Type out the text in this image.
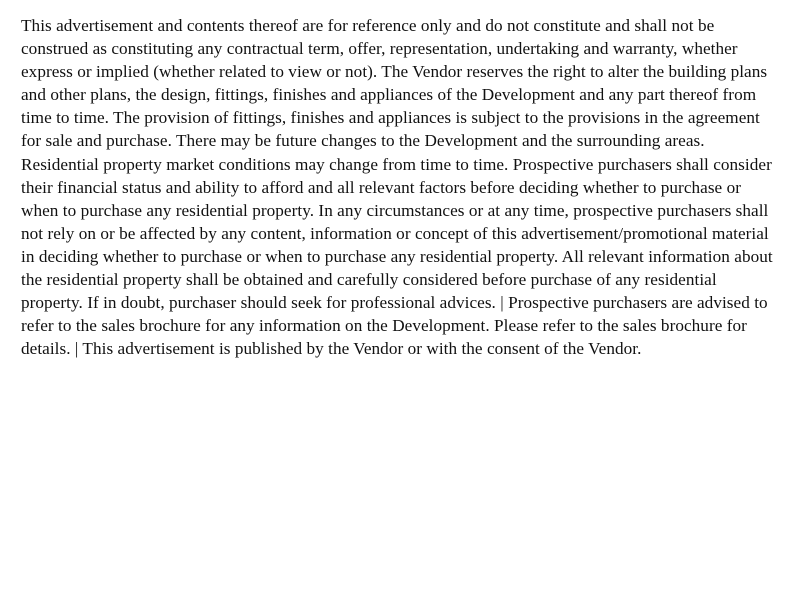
This advertisement and contents thereof are for reference only and do not constitute and shall not be construed as constituting any contractual term, offer, representation, undertaking and warranty, whether express or implied (whether related to view or not). The Vendor reserves the right to alter the building plans and other plans, the design, fittings, finishes and appliances of the Development and any part thereof from time to time. The provision of fittings, finishes and appliances is subject to the provisions in the agreement for sale and purchase. There may be future changes to the Development and the surrounding areas. Residential property market conditions may change from time to time. Prospective purchasers shall consider their financial status and ability to afford and all relevant factors before deciding whether to purchase or when to purchase any residential property. In any circumstances or at any time, prospective purchasers shall not rely on or be affected by any content, information or concept of this advertisement/promotional material in deciding whether to purchase or when to purchase any residential property. All relevant information about the residential property shall be obtained and carefully considered before purchase of any residential property. If in doubt, purchaser should seek for professional advices. | Prospective purchasers are advised to refer to the sales brochure for any information on the Development. Please refer to the sales brochure for details. | This advertisement is published by the Vendor or with the consent of the Vendor.
